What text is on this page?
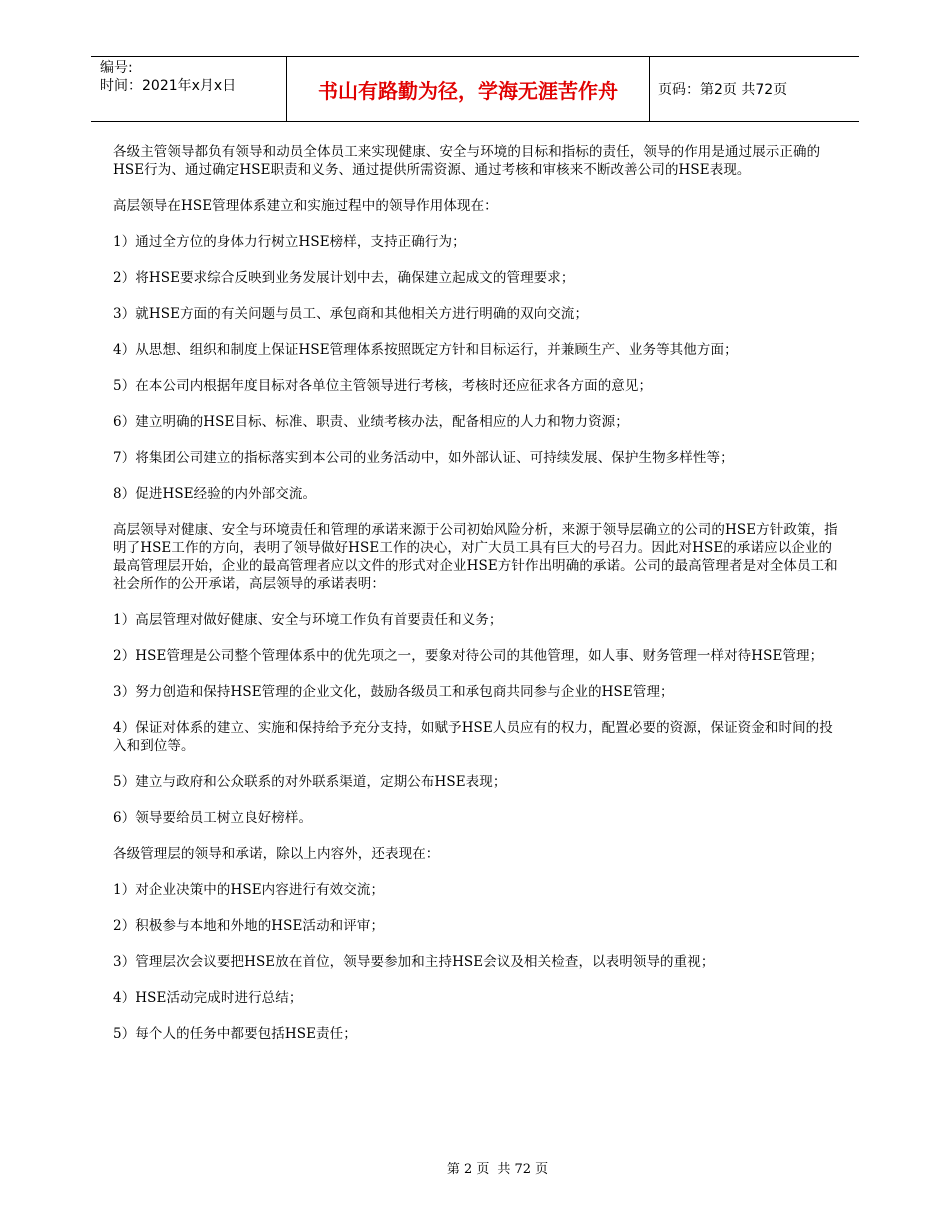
编号:
时间：2021年x月x日	书山有路勤为径，学海无涯苦作舟	页码：第2页 共72页

各级主管领导都负有领导和动员全体员工来实现健康、安全与环境的目标和指标的责任，领导的作用是通过展示正确的HSE行为、通过确定HSE职责和义务、通过提供所需资源、通过考核和审核来不断改善公司的HSE表现。

高层领导在HSE管理体系建立和实施过程中的领导作用体现在：

1）通过全方位的身体力行树立HSE榜样，支持正确行为；

2）将HSE要求综合反映到业务发展计划中去，确保建立起成文的管理要求；

3）就HSE方面的有关问题与员工、承包商和其他相关方进行明确的双向交流；

4）从思想、组织和制度上保证HSE管理体系按照既定方针和目标运行，并兼顾生产、业务等其他方面；

5）在本公司内根据年度目标对各单位主管领导进行考核，考核时还应征求各方面的意见；

6）建立明确的HSE目标、标准、职责、业绩考核办法，配备相应的人力和物力资源；

7）将集团公司建立的指标落实到本公司的业务活动中，如外部认证、可持续发展、保护生物多样性等；

8）促进HSE经验的内外部交流。

高层领导对健康、安全与环境责任和管理的承诺来源于公司初始风险分析，来源于领导层确立的公司的HSE方针政策，指明了HSE工作的方向，表明了领导做好HSE工作的决心，对广大员工具有巨大的号召力。因此对HSE的承诺应以企业的最高管理层开始，企业的最高管理者应以文件的形式对企业HSE方针作出明确的承诺。公司的最高管理者是对全体员工和社会所作的公开承诺，高层领导的承诺表明：

1）高层管理对做好健康、安全与环境工作负有首要责任和义务；

2）HSE管理是公司整个管理体系中的优先项之一，要象对待公司的其他管理，如人事、财务管理一样对待HSE管理；

3）努力创造和保持HSE管理的企业文化，鼓励各级员工和承包商共同参与企业的HSE管理；

4）保证对体系的建立、实施和保持给予充分支持，如赋予HSE人员应有的权力，配置必要的资源，保证资金和时间的投入和到位等。

5）建立与政府和公众联系的对外联系渠道，定期公布HSE表现；

6）领导要给员工树立良好榜样。

各级管理层的领导和承诺，除以上内容外，还表现在：

1）对企业决策中的HSE内容进行有效交流；

2）积极参与本地和外地的HSE活动和评审；

3）管理层次会议要把HSE放在首位，领导要参加和主持HSE会议及相关检查，以表明领导的重视；

4）HSE活动完成时进行总结；

5）每个人的任务中都要包括HSE责任；

第 2 页 共 72 页
